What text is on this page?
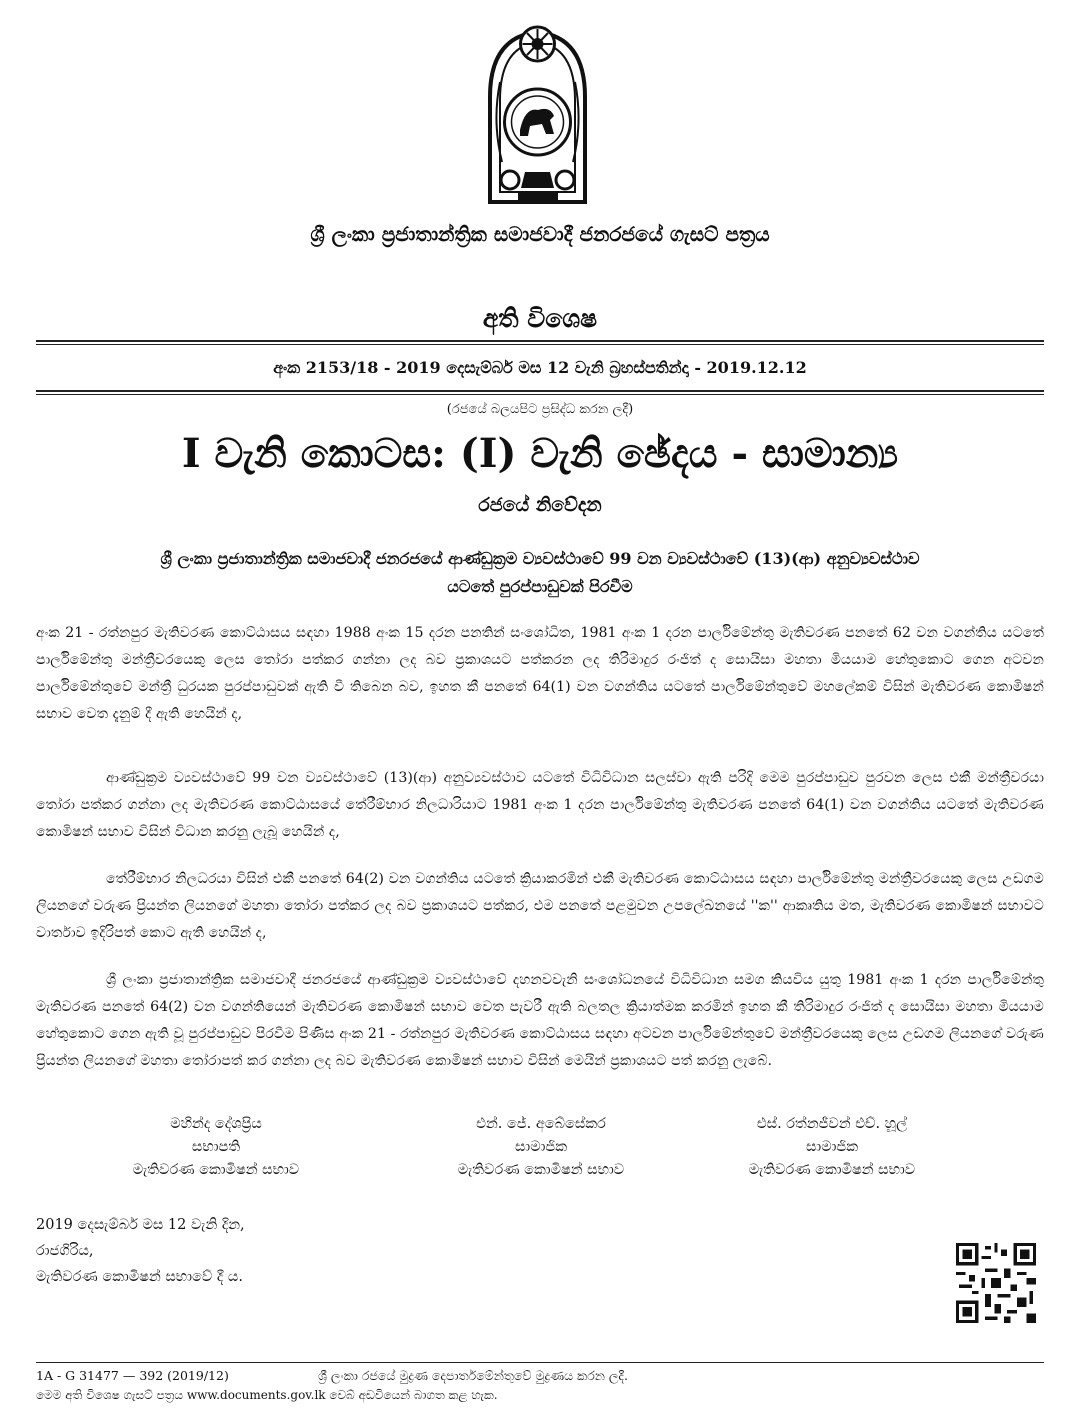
ශ්‍රී ලංකා ප්‍රජාතාන්ත්‍රික සමාජවාදී ජනරජයේ ගැසට් පත්‍රය
අති විශෙෂ
අංක 2153/18 - 2019 දෙසැම්බර් මස 12 වැනි බ්‍රහස්පතින්දා - 2019.12.12
(රජයේ බලයපිට ප්‍රසිද්ධ කරන ලදී)
I වැනි කොටස: (I) වැනි ඡේදය - සාමාන්‍ය
රජයේ නිවේදන
ශ්‍රී ලංකා ප්‍රජාතාන්ත්‍රික සමාජවාදී ජනරජයේ ආණ්ඩුක්‍රම ව්‍යවස්ථාවේ 99 වන ව්‍යවස්ථාවේ (13)(ආ) අනුව්‍යවස්ථාව
යටතේ පුරප්පාඩුවක් පිරවීම
අංක 21 - රත්නපුර මැතිවරණ කොට්ඨාසය සඳහා 1988 අංක 15 දරන පනතින් සංශෝධිත, 1981 අංක 1 දරන පාර්ලිමේන්තු මැතිවරණ පනතේ 62 වන වගන්තිය යටතේ පාර්ලිමේන්තු මන්ත්‍රීවරයෙකු ලෙස තෝරා පත්කර ගන්නා ලද බව ප්‍රකාශයට පත්කරන ලද තිරිමාදුර රංජිත් ද සොයිසා මහතා මියයාම හේතුකොට ගෙන අටවන පාර්ලිමේන්තුවේ මන්ත්‍රී ධුරයක පුරප්පාඩුවක් ඇති වී තිබෙන බව, ඉහත කී පනතේ 64(1) වන වගන්තිය යටතේ පාර්ලිමේන්තුවේ මහලේකම් විසින් මැතිවරණ කොමිෂන් සභාව වෙත දැනුම් දී ඇති හෙයින් ද,
ආණ්ඩුක්‍රම ව්‍යවස්ථාවේ 99 වන ව්‍යවස්ථාවේ (13)(ආ) අනුව්‍යවස්ථාව යටතේ විධිවිධාන සලස්වා ඇති පරිදි මෙම පුරප්පාඩුව පුරවන ලෙස එකී මන්ත්‍රීවරයා තෝරා පත්කර ගන්නා ලද මැතිවරණ කොට්ඨාසයේ තේරීම්භාර නිලධාරියාට 1981 අංක 1 දරන පාර්ලිමේන්තු මැතිවරණ පනතේ 64(1) වන වගන්තිය යටතේ මැතිවරණ කොමිෂන් සභාව විසින් විධාන කරනු ලැබූ හෙයින් ද,
තේරීම්භාර නිලධරයා විසින් එකී පනතේ 64(2) වන වගන්තිය යටතේ ක්‍රියාකරමින් එකී මැතිවරණ කොට්ඨාසය සඳහා පාර්ලිමේන්තු මන්ත්‍රීවරයෙකු ලෙස උඩගම ලියනගේ වරුණ ප්‍රියන්ත ලියනගේ මහතා තෝරා පත්කර ලද බව ප්‍රකාශයට පත්කර, එම පනතේ පළමුවන උපලේඛනයේ ''ක'' ආකෘතිය මත, මැතිවරණ කොමිෂන් සභාවට වාර්තාව ඉදිරිපත් කොට ඇති හෙයින් ද,
ශ්‍රී ලංකා ප්‍රජාතාන්ත්‍රික සමාජවාදී ජනරජයේ ආණ්ඩුක්‍රම ව්‍යවස්ථාවේ දහනවවැනි සංශෝධනයේ විධිවිධාන සමග කියවිය යුතු 1981 අංක 1 දරන පාර්ලිමේන්තු මැතිවරණ පනතේ 64(2) වන වගන්තියෙන් මැතිවරණ කොමිෂන් සභාව වෙත පැවරී ඇති බලතල ක්‍රියාත්මක කරමින් ඉහත කී තිරිමාදුර රංජිත් ද සොයිසා මහතා මියයාම හේතුකොට ගෙන ඇති වූ පුරප්පාඩුව පිරවීම පිණිස අංක 21 - රත්නපුර මැතිවරණ කොට්ඨාසය සඳහා අටවන පාර්ලිමේන්තුවේ මන්ත්‍රීවරයෙකු ලෙස උඩගම ලියනගේ වරුණ ප්‍රියන්ත ලියනගේ මහතා තෝරාපත් කර ගන්නා ලද බව මැතිවරණ කොමිෂන් සභාව විසින් මෙයින් ප්‍රකාශයට පත් කරනු ලැබේ.
මහින්ද දේශප්‍රිය
සභාපති
මැතිවරණ කොමිෂන් සභාව
එන්. ජේ. අබේසේකර
සාමාජික
මැතිවරණ කොමිෂන් සභාව
එස්. රත්නජීවන් එච්. හූල්
සාමාජික
මැතිවරණ කොමිෂන් සභාව
2019 දෙසැම්බර් මස 12 වැනි දින,
රාජගිරිය,
මැතිවරණ කොමිෂන් සභාවේ දී ය.
1A - G 31477 — 392 (2019/12)	ශ්‍රී ලංකා රජයේ මුද්‍රණ දෙපාර්තමේන්තුවේ මුද්‍රණය කරන ලදී.
මෙම අති විශෙෂ ගැසට් පත්‍රය www.documents.gov.lk වෙබ් අඩවියෙන් බාගත කළ හැක.
